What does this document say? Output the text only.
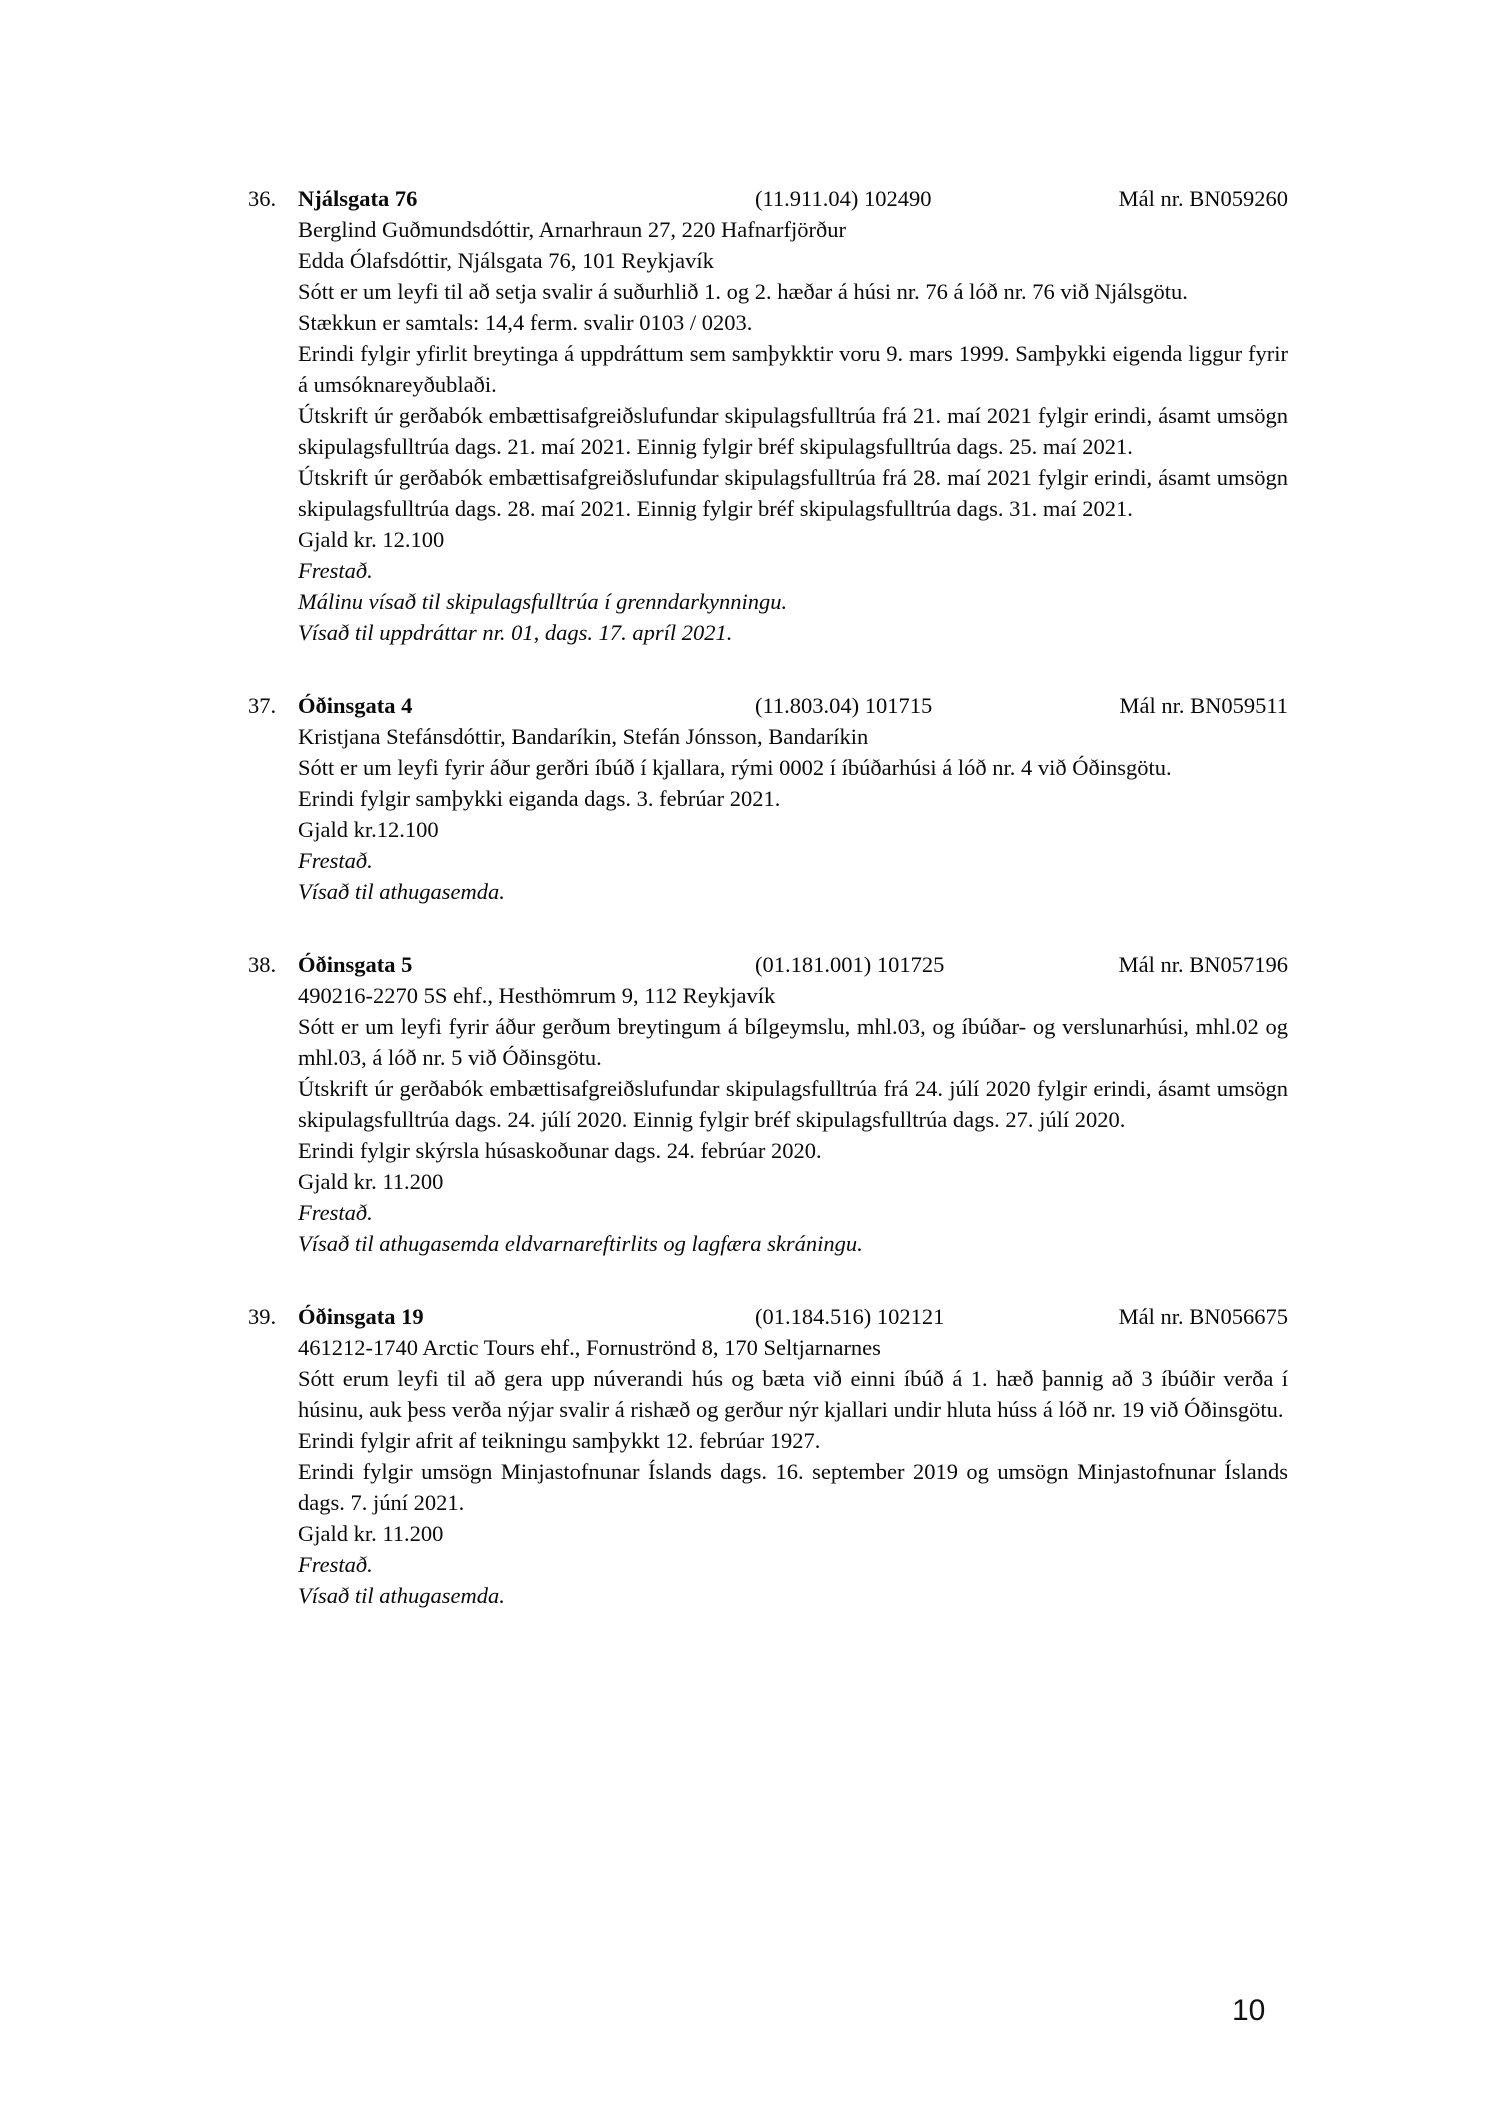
36. Njálsgata 76	(11.911.04) 102490	Mál nr. BN059260

Berglind Guðmundsdóttir, Arnarhraun 27, 220 Hafnarfjörður

Edda Ólafsdóttir, Njálsgata 76, 101 Reykjavík

Sótt er um leyfi til að setja svalir á suðurhlið 1. og 2. hæðar á húsi nr. 76 á lóð nr. 76 við Njálsgötu.

Stækkun er samtals: 14,4 ferm. svalir 0103 / 0203.

Erindi fylgir yfirlit breytinga á uppdráttum sem samþykktir voru 9. mars 1999. Samþykki eigenda liggur fyrir á umsóknareyðublaði.

Útskrift úr gerðabók embættisafgreiðslufundar skipulagsfulltrúa frá 21. maí 2021 fylgir erindi, ásamt umsögn skipulagsfulltrúa dags. 21. maí 2021. Einnig fylgir bréf skipulagsfulltrúa dags. 25. maí 2021.

Útskrift úr gerðabók embættisafgreiðslufundar skipulagsfulltrúa frá 28. maí 2021 fylgir erindi, ásamt umsögn skipulagsfulltrúa dags. 28. maí 2021. Einnig fylgir bréf skipulagsfulltrúa dags. 31. maí 2021.

Gjald kr. 12.100

Frestað.

Málinu vísað til skipulagsfulltrúa í grenndarkynningu.

Vísað til uppdráttar nr. 01, dags. 17. apríl 2021.

37. Óðinsgata 4	(11.803.04) 101715	Mál nr. BN059511

Kristjana Stefánsdóttir, Bandaríkin, Stefán Jónsson, Bandaríkin

Sótt er um leyfi fyrir áður gerðri íbúð í kjallara, rými 0002 í íbúðarhúsi á lóð nr. 4 við Óðinsgötu.

Erindi fylgir samþykki eiganda dags. 3. febrúar 2021.

Gjald kr.12.100

Frestað.

Vísað til athugasemda.

38. Óðinsgata 5	(01.181.001) 101725	Mál nr. BN057196

490216-2270 5S ehf., Hesthömrum 9, 112 Reykjavík

Sótt er um leyfi fyrir áður gerðum breytingum á bílgeymslu, mhl.03, og íbúðar- og verslunarhúsi, mhl.02 og mhl.03, á lóð nr. 5 við Óðinsgötu.

Útskrift úr gerðabók embættisafgreiðslufundar skipulagsfulltrúa frá 24. júlí 2020 fylgir erindi, ásamt umsögn skipulagsfulltrúa dags. 24. júlí 2020. Einnig fylgir bréf skipulagsfulltrúa dags. 27. júlí 2020.

Erindi fylgir skýrsla húsaskoðunar dags. 24. febrúar 2020.

Gjald kr. 11.200

Frestað.

Vísað til athugasemda eldvarnareftirlits og lagfæra skráningu.

39. Óðinsgata 19	(01.184.516) 102121	Mál nr. BN056675

461212-1740 Arctic Tours ehf., Fornuströnd 8, 170 Seltjarnarnes

Sótt erum leyfi til að gera upp núverandi hús og bæta við einni íbúð á 1. hæð þannig að 3 íbúðir verða í húsinu, auk þess verða nýjar svalir á rishæð og gerður nýr kjallari undir hluta húss á lóð nr. 19 við Óðinsgötu.

Erindi fylgir afrit af teikningu samþykkt 12. febrúar 1927.

Erindi fylgir umsögn Minjastofnunar Íslands dags. 16. september 2019 og umsögn Minjastofnunar Íslands dags. 7. júní 2021.

Gjald kr. 11.200

Frestað.

Vísað til athugasemda.

10
